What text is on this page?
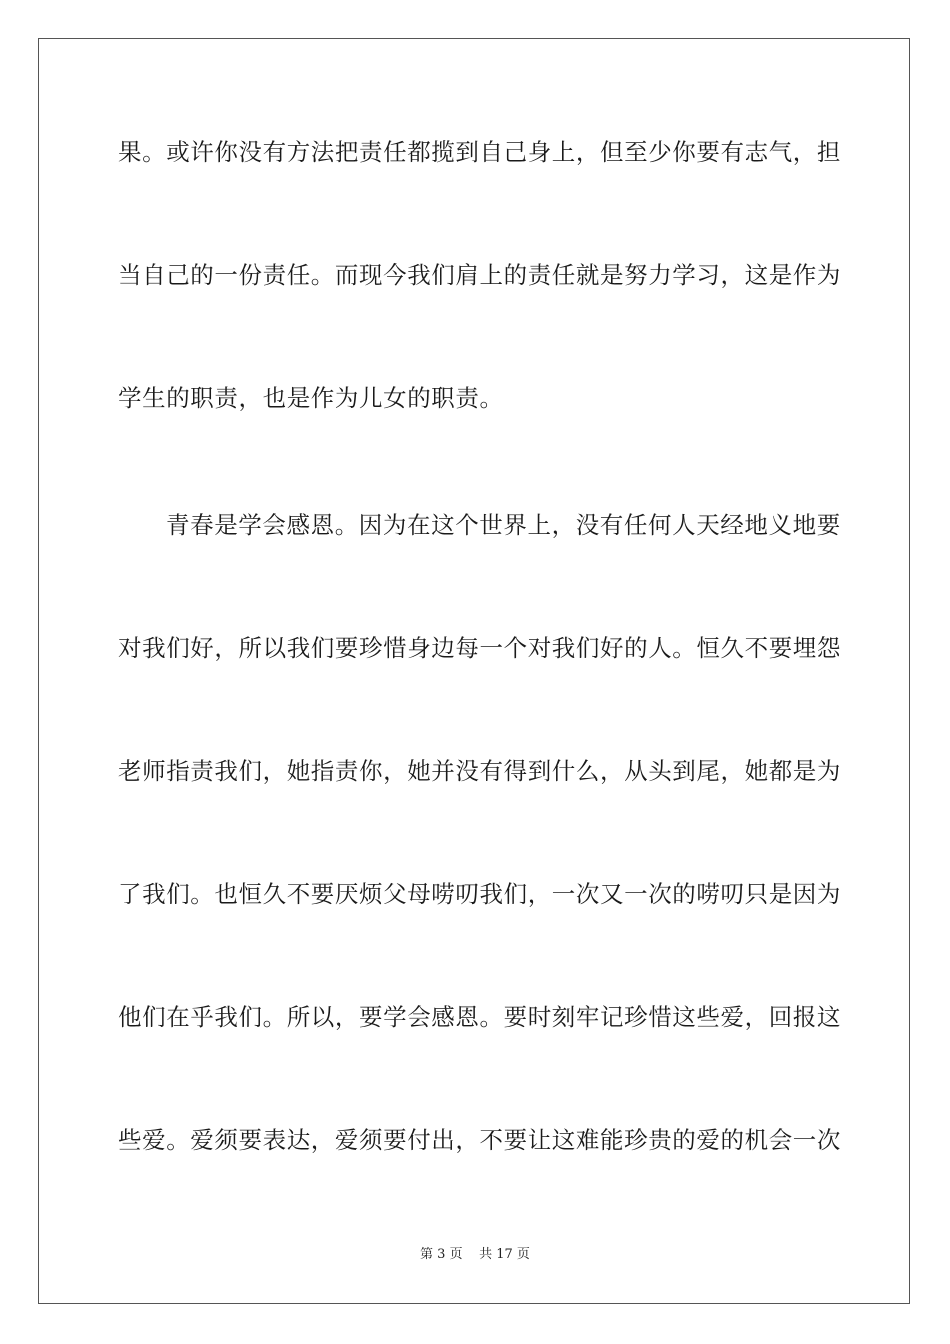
果。或许你没有方法把责任都揽到自己身上，但至少你要有志气，担
当自己的一份责任。而现今我们肩上的责任就是努力学习，这是作为
学生的职责，也是作为儿女的职责。
青春是学会感恩。因为在这个世界上，没有任何人天经地义地要
对我们好，所以我们要珍惜身边每一个对我们好的人。恒久不要埋怨
老师指责我们，她指责你，她并没有得到什么，从头到尾，她都是为
了我们。也恒久不要厌烦父母唠叨我们，一次又一次的唠叨只是因为
他们在乎我们。所以，要学会感恩。要时刻牢记珍惜这些爱，回报这
些爱。爱须要表达，爱须要付出，不要让这难能珍贵的爱的机会一次
第 3 页 共 17 页
